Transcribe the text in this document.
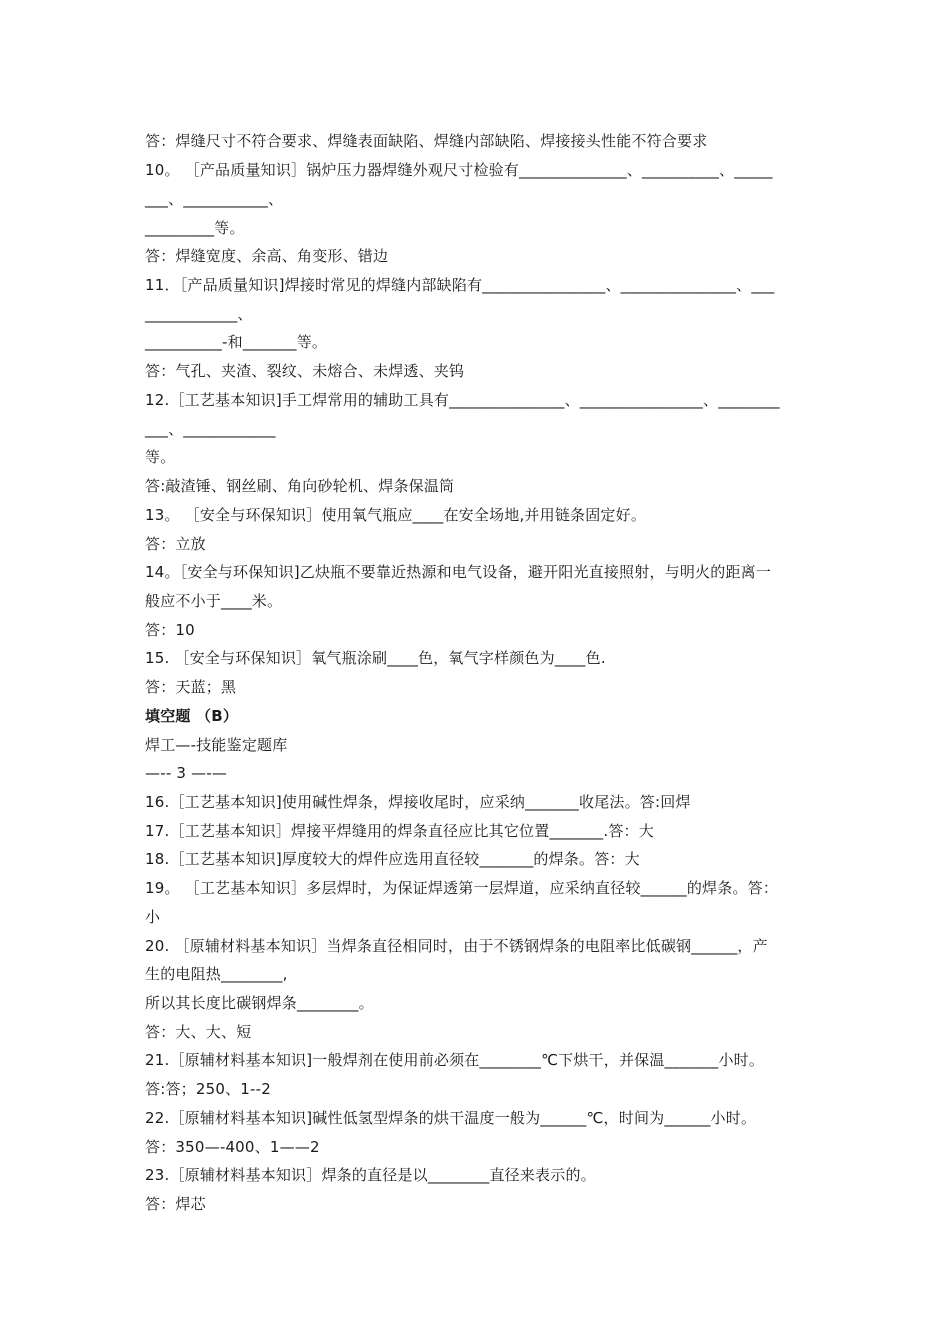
答：焊缝尺寸不符合要求、焊缝表面缺陷、焊缝内部缺陷、焊接接头性能不符合要求
10。 ［产品质量知识］锅炉压力器焊缝外观尺寸检验有______________、__________、_____
___、___________、
_________等。
答：焊缝宽度、余高、角变形、错边
11．［产品质量知识]焊接时常见的焊缝内部缺陷有________________、_______________、___
____________、
__________-和_______等。
答：气孔、夹渣、裂纹、未熔合、未焊透、夹钨
12.［工艺基本知识]手工焊常用的辅助工具有_______________、________________、________
___、____________
等。
答:敲渣锤、钢丝刷、角向砂轮机、焊条保温筒
13。 ［安全与环保知识］使用氧气瓶应____在安全场地,并用链条固定好。
答：立放
14。［安全与环保知识]乙炔瓶不要靠近热源和电气设备，避开阳光直接照射，与明火的距离一
般应不小于____米。
答：10
15. ［安全与环保知识］氧气瓶涂刷____色，氧气字样颜色为____色.
答：天蓝；黑
填空题 （B）
焊工—-技能鉴定题库
—-- 3 —-—
16.［工艺基本知识]使用碱性焊条，焊接收尾时，应采纳_______收尾法。答:回焊
17.［工艺基本知识］焊接平焊缝用的焊条直径应比其它位置_______.答：大
18.［工艺基本知识]厚度较大的焊件应选用直径较_______的焊条。答：大
19。 ［工艺基本知识］多层焊时，为保证焊透第一层焊道，应采纳直径较______的焊条。答：
小
20. ［原辅材料基本知识］当焊条直径相同时，由于不锈钢焊条的电阻率比低碳钢______，产
生的电阻热________,
所以其长度比碳钢焊条________。
答：大、大、短
21.［原辅材料基本知识]一般焊剂在使用前必须在________℃下烘干，并保温_______小时。
答:答；250、1--2
22.［原辅材料基本知识]碱性低氢型焊条的烘干温度一般为______℃，时间为______小时。
答：350—-400、1——2
23.［原辅材料基本知识］焊条的直径是以________直径来表示的。
答：焊芯
